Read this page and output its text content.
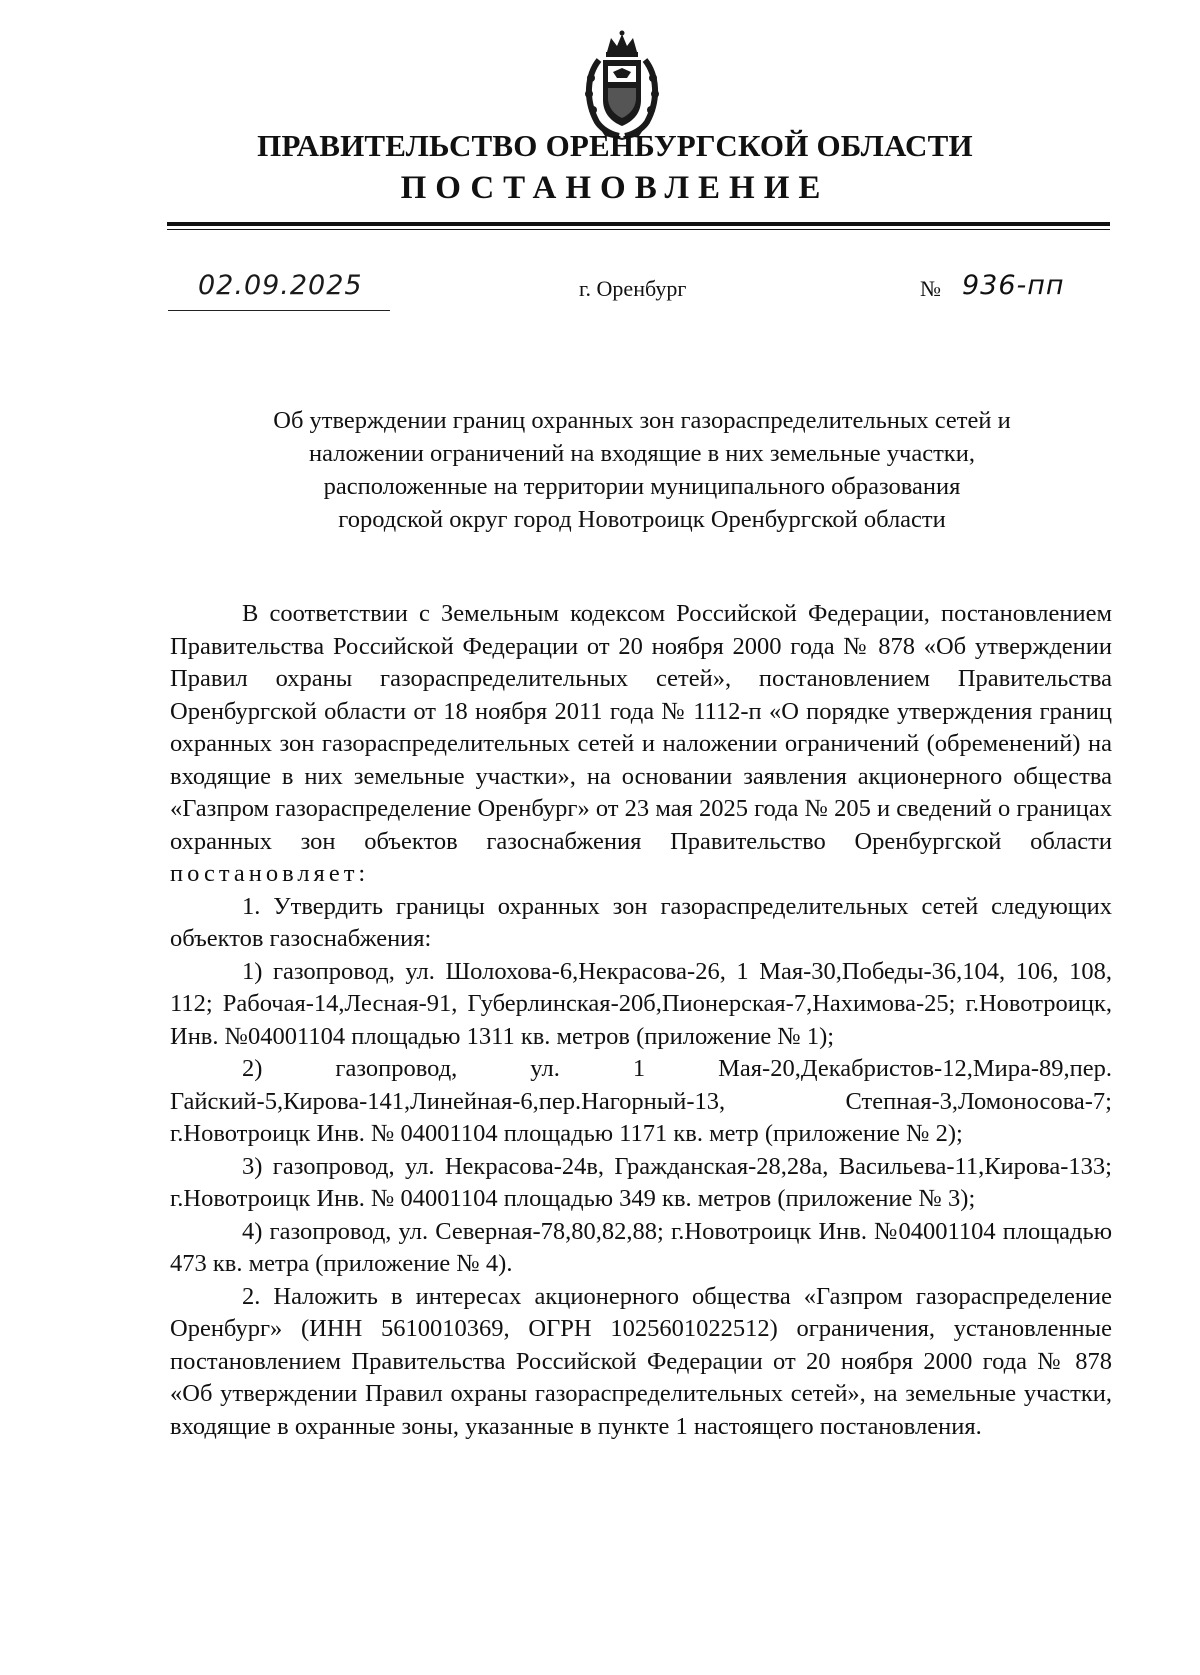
ПРАВИТЕЛЬСТВО ОРЕНБУРГСКОЙ ОБЛАСТИ
ПОСТАНОВЛЕНИЕ
02.09.2025	г. Оренбург	№ 936-пп
Об утверждении границ охранных зон газораспределительных сетей и
наложении ограничений на входящие в них земельные участки,
расположенные на территории муниципального образования
городской округ город Новотроицк Оренбургской области

В соответствии с Земельным кодексом Российской Федерации, постановлением Правительства Российской Федерации от 20 ноября 2000 года № 878 «Об утверждении Правил охраны газораспределительных сетей», постановлением Правительства Оренбургской области от 18 ноября 2011 года № 1112-п «О порядке утверждения границ охранных зон газораспределительных сетей и наложении ограничений (обременений) на входящие в них земельные участки», на основании заявления акционерного общества «Газпром газораспределение Оренбург» от 23 мая 2025 года № 205 и сведений о границах охранных зон объектов газоснабжения Правительство Оренбургской области постановляет:

1. Утвердить границы охранных зон газораспределительных сетей следующих объектов газоснабжения:

1) газопровод, ул. Шолохова-6,Некрасова-26, 1 Мая-30,Победы-36,104, 106, 108, 112; Рабочая-14,Лесная-91, Губерлинская-20б,Пионерская-7,Нахимова-25; г.Новотроицк, Инв. №04001104 площадью 1311 кв. метров (приложение № 1);

2) газопровод, ул. 1 Мая-20,Декабристов-12,Мира-89,пер. Гайский-5,Кирова-141,Линейная-6,пер.Нагорный-13, Степная-3,Ломоносова-7; г.Новотроицк Инв. № 04001104 площадью 1171 кв. метр (приложение № 2);

3) газопровод, ул. Некрасова-24в, Гражданская-28,28а, Васильева-11,Кирова-133; г.Новотроицк Инв. № 04001104 площадью 349 кв. метров (приложение № 3);

4) газопровод, ул. Северная-78,80,82,88; г.Новотроицк Инв. №04001104 площадью 473 кв. метра (приложение № 4).

2. Наложить в интересах акционерного общества «Газпром газораспределение Оренбург» (ИНН 5610010369, ОГРН 1025601022512) ограничения, установленные постановлением Правительства Российской Федерации от 20 ноября 2000 года № 878 «Об утверждении Правил охраны газораспределительных сетей», на земельные участки, входящие в охранные зоны, указанные в пункте 1 настоящего постановления.
